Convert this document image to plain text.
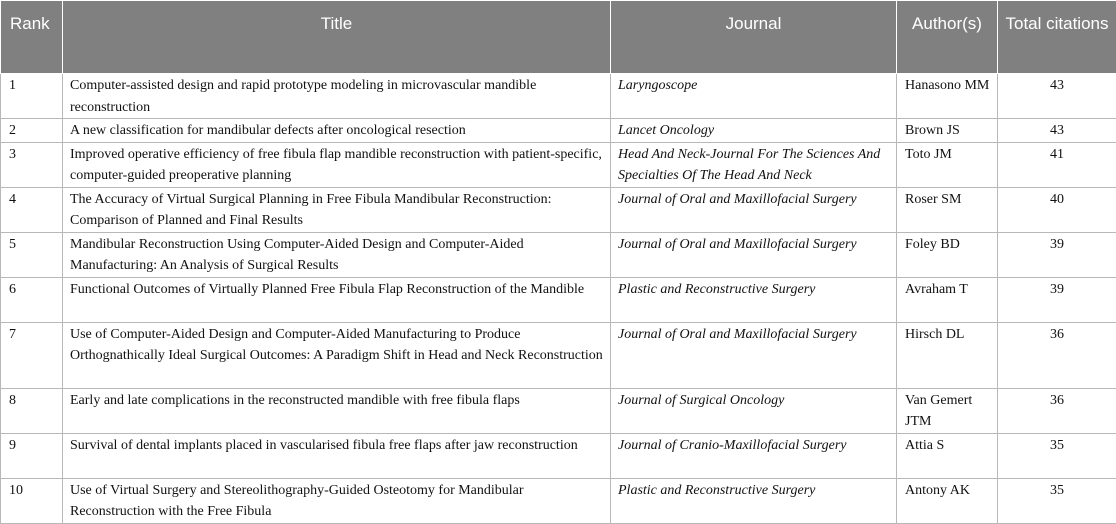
Rank	Title	Journal	Author(s)	Total citations
1	Computer-assisted design and rapid prototype modeling in microvascular mandible reconstruction	Laryngoscope	Hanasono MM	43
2	A new classification for mandibular defects after oncological resection	Lancet Oncology	Brown JS	43
3	Improved operative efficiency of free fibula flap mandible reconstruction with patient-specific, computer-guided preoperative planning	Head And Neck-Journal For The Sciences And Specialties Of The Head And Neck	Toto JM	41
4	The Accuracy of Virtual Surgical Planning in Free Fibula Mandibular Reconstruction: Comparison of Planned and Final Results	Journal of Oral and Maxillofacial Surgery	Roser SM	40
5	Mandibular Reconstruction Using Computer-Aided Design and Computer-Aided Manufacturing: An Analysis of Surgical Results	Journal of Oral and Maxillofacial Surgery	Foley BD	39
6	Functional Outcomes of Virtually Planned Free Fibula Flap Reconstruction of the Mandible	Plastic and Reconstructive Surgery	Avraham T	39
7	Use of Computer-Aided Design and Computer-Aided Manufacturing to Produce Orthognathically Ideal Surgical Outcomes: A Paradigm Shift in Head and Neck Reconstruction	Journal of Oral and Maxillofacial Surgery	Hirsch DL	36
8	Early and late complications in the reconstructed mandible with free fibula flaps	Journal of Surgical Oncology	Van Gemert JTM	36
9	Survival of dental implants placed in vascularised fibula free flaps after jaw reconstruction	Journal of Cranio-Maxillofacial Surgery	Attia S	35
10	Use of Virtual Surgery and Stereolithography-Guided Osteotomy for Mandibular Reconstruction with the Free Fibula	Plastic and Reconstructive Surgery	Antony AK	35
